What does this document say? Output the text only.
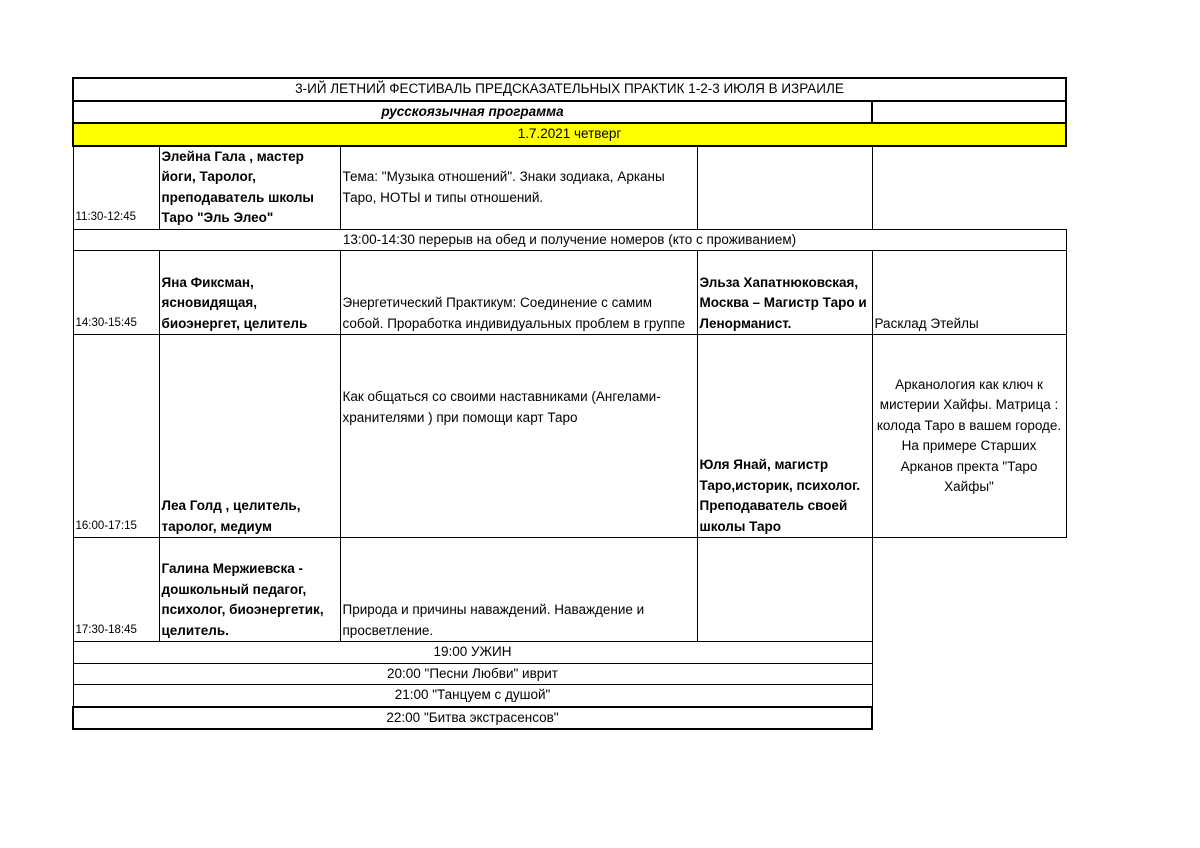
3-ИЙ ЛЕТНИЙ ФЕСТИВАЛЬ ПРЕДСКАЗАТЕЛЬНЫХ ПРАКТИК 1-2-3 ИЮЛЯ В ИЗРАИЛЕ				
русскоязычная программа				
1.7.2021 четверг				
11:30-12:45	Элейна Гала , мастер йоги, Таролог, преподаватель школы Таро "Эль Элео"	Тема: "Музыка отношений". Знаки зодиака, Арканы Таро, НОТЫ и типы отношений.		
13:00-14:30 перерыв на обед и получение номеров (кто с проживанием)				
14:30-15:45	Яна Фиксман, ясновидящая, биоэнергет, целитель	Энергетический Практикум: Соединение с самим собой. Проработка индивидуальных проблем в группе	Эльза Хапатнюковская, Москва – Магистр Таро и Ленорманист.	Расклад Этейлы
16:00-17:15	Леа Голд , целитель, таролог, медиум	Как общаться со своими наставниками (Ангелами-хранителями ) при помощи карт Таро	Юля Янай, магистр Таро,историк, психолог. Преподаватель своей школы Таро	Арканология как ключ к мистерии Хайфы. Матрица : колода Таро в вашем городе. На примере Старших Арканов пректа "Таро Хайфы"
17:30-18:45	Галина Мержиевска - дошкольный педагог, психолог, биоэнергетик, целитель.	Природа и причины наваждений. Наваждение и просветление.		
19:00 УЖИН				
20:00 "Песни Любви" иврит				
21:00 "Танцуем с душой"				
22:00 "Битва экстрасенсов"				
